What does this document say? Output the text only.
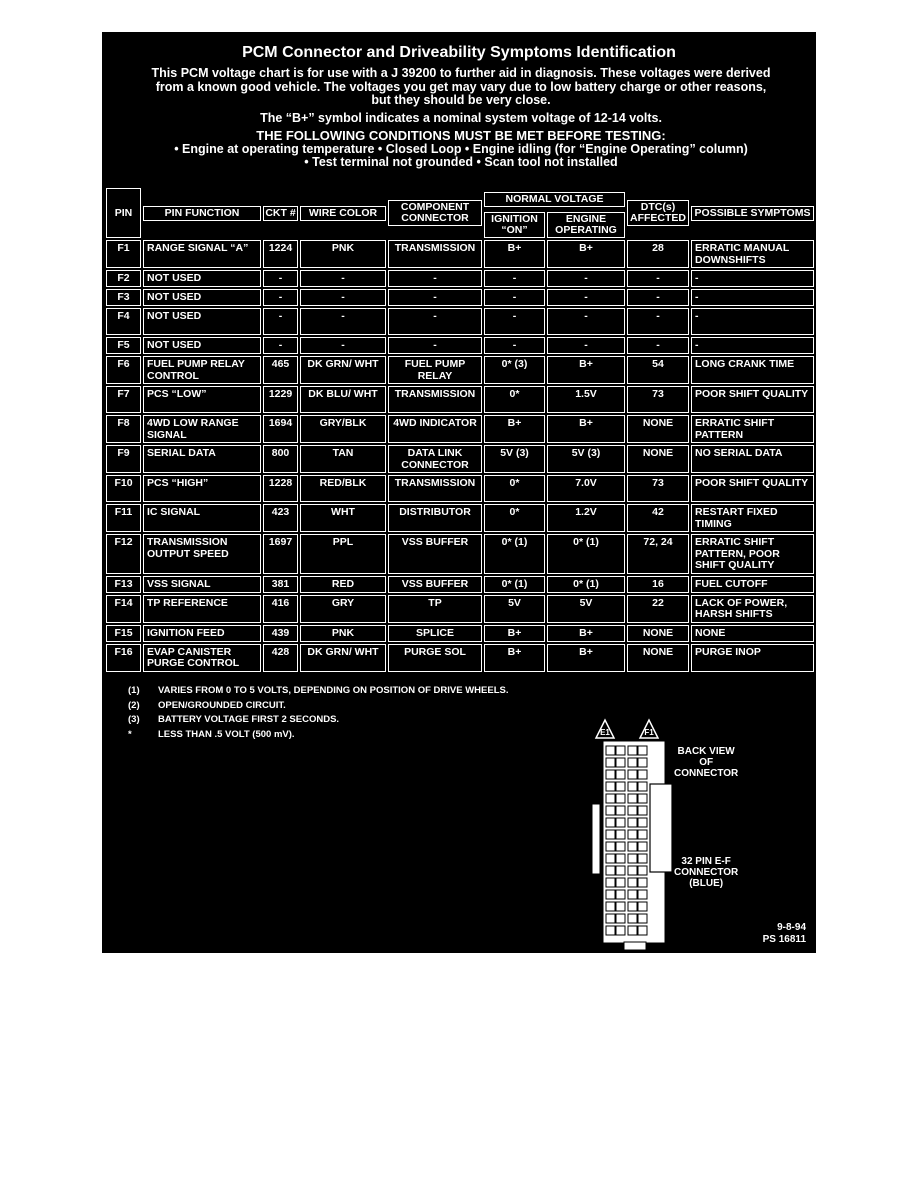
PCM Connector and Driveability Symptoms Identification
This PCM voltage chart is for use with a J 39200 to further aid in diagnosis. These voltages were derived
from a known good vehicle. The voltages you get may vary due to low battery charge or other reasons,
but they should be very close.
The “B+” symbol indicates a nominal system voltage of 12-14 volts.
THE FOLLOWING CONDITIONS MUST BE MET BEFORE TESTING:
• Engine at operating temperature • Closed Loop • Engine idling (for “Engine Operating” column)
• Test terminal not grounded • Scan tool not installed
PIN	PIN FUNCTION	CKT #	WIRE COLOR	COMPONENT CONNECTOR	NORMAL VOLTAGE		DTC(s) AFFECTED	POSSIBLE SYMPTOMS

IGNITION “ON”	ENGINE OPERATING		

F1	RANGE SIGNAL “A”	1224	PNK	TRANSMISSION	B+	B+	28	ERRATIC MANUAL DOWNSHIFTS

F2	NOT USED	-	-	-	-	-	-	-

F3	NOT USED	-	-	-	-	-	-	-

F4	NOT USED	-	-	-	-	-	-	-

F5	NOT USED	-	-	-	-	-	-	-

F6	FUEL PUMP RELAY CONTROL	465	DK GRN/ WHT	FUEL PUMP RELAY	0* (3)	B+	54	LONG CRANK TIME

F7	PCS “LOW”	1229	DK BLU/ WHT	TRANSMISSION	0*	1.5V	73	POOR SHIFT QUALITY

F8	4WD LOW RANGE SIGNAL	1694	GRY/BLK	4WD INDICATOR	B+	B+	NONE	ERRATIC SHIFT PATTERN

F9	SERIAL DATA	800	TAN	DATA LINK CONNECTOR	5V (3)	5V (3)	NONE	NO SERIAL DATA

F10	PCS “HIGH”	1228	RED/BLK	TRANSMISSION	0*	7.0V	73	POOR SHIFT QUALITY

F11	IC SIGNAL	423	WHT	DISTRIBUTOR	0*	1.2V	42	RESTART FIXED TIMING

F12	TRANSMISSION OUTPUT SPEED	1697	PPL	VSS BUFFER	0* (1)	0* (1)	72, 24	ERRATIC SHIFT PATTERN, POOR SHIFT QUALITY

F13	VSS SIGNAL	381	RED	VSS BUFFER	0* (1)	0* (1)	16	FUEL CUTOFF

F14	TP REFERENCE	416	GRY	TP	5V	5V	22	LACK OF POWER, HARSH SHIFTS

F15	IGNITION FEED	439	PNK	SPLICE	B+	B+	NONE	NONE

F16	EVAP CANISTER PURGE CONTROL	428	DK GRN/ WHT	PURGE SOL	B+	B+	NONE	PURGE INOP
(1)	VARIES FROM 0 TO 5 VOLTS, DEPENDING ON POSITION OF DRIVE WHEELS.
(2)	OPEN/GROUNDED CIRCUIT.
(3)	BATTERY VOLTAGE FIRST 2 SECONDS.
*	LESS THAN .5 VOLT (500 mV).	E1	F1
BACK VIEW
OF
CONNECTOR
32 PIN E-F
CONNECTOR
(BLUE)
9-8-94
PS 16811
